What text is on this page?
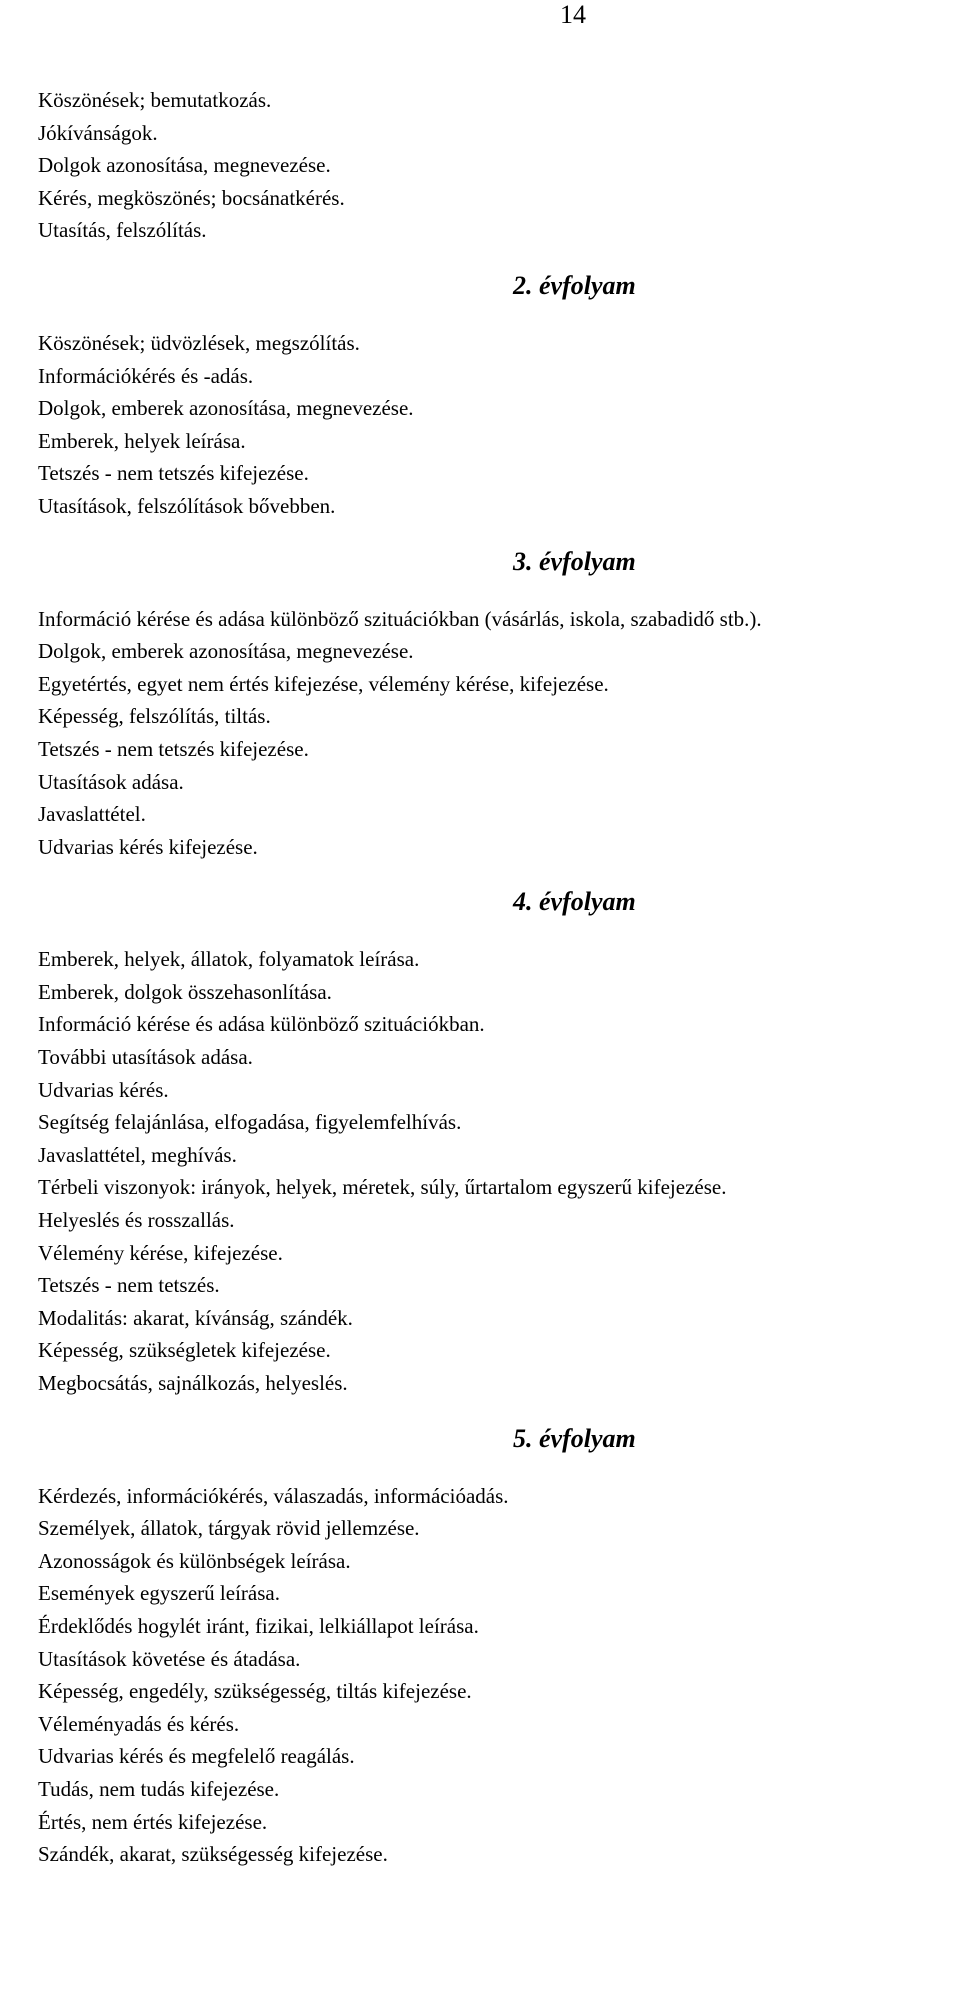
14
Köszönések; bemutatkozás.
Jókívánságok.
Dolgok azonosítása, megnevezése.
Kérés, megköszönés; bocsánatkérés.
Utasítás, felszólítás.
2. évfolyam
Köszönések; üdvözlések, megszólítás.
Információkérés és -adás.
Dolgok, emberek azonosítása, megnevezése.
Emberek, helyek leírása.
Tetszés - nem tetszés kifejezése.
Utasítások, felszólítások bővebben.
3. évfolyam
Információ kérése és adása különböző szituációkban (vásárlás, iskola, szabadidő stb.).
Dolgok, emberek azonosítása, megnevezése.
Egyetértés, egyet nem értés kifejezése, vélemény kérése, kifejezése.
Képesség, felszólítás, tiltás.
Tetszés - nem tetszés kifejezése.
Utasítások adása.
Javaslattétel.
Udvarias kérés kifejezése.
4. évfolyam
Emberek, helyek, állatok, folyamatok leírása.
Emberek, dolgok összehasonlítása.
Információ kérése és adása különböző szituációkban.
További utasítások adása.
Udvarias kérés.
Segítség felajánlása, elfogadása, figyelemfelhívás.
Javaslattétel, meghívás.
Térbeli viszonyok: irányok, helyek, méretek, súly, űrtartalom egyszerű kifejezése.
Helyeslés és rosszallás.
Vélemény kérése, kifejezése.
Tetszés - nem tetszés.
Modalitás: akarat, kívánság, szándék.
Képesség, szükségletek kifejezése.
Megbocsátás, sajnálkozás, helyeslés.
5. évfolyam
Kérdezés, információkérés, válaszadás, információadás.
Személyek, állatok, tárgyak rövid jellemzése.
Azonosságok és különbségek leírása.
Események egyszerű leírása.
Érdeklődés hogylét iránt, fizikai, lelkiállapot leírása.
Utasítások követése és átadása.
Képesség, engedély, szükségesség, tiltás kifejezése.
Véleményadás és kérés.
Udvarias kérés és megfelelő reagálás.
Tudás, nem tudás kifejezése.
Értés, nem értés kifejezése.
Szándék, akarat, szükségesség kifejezése.
